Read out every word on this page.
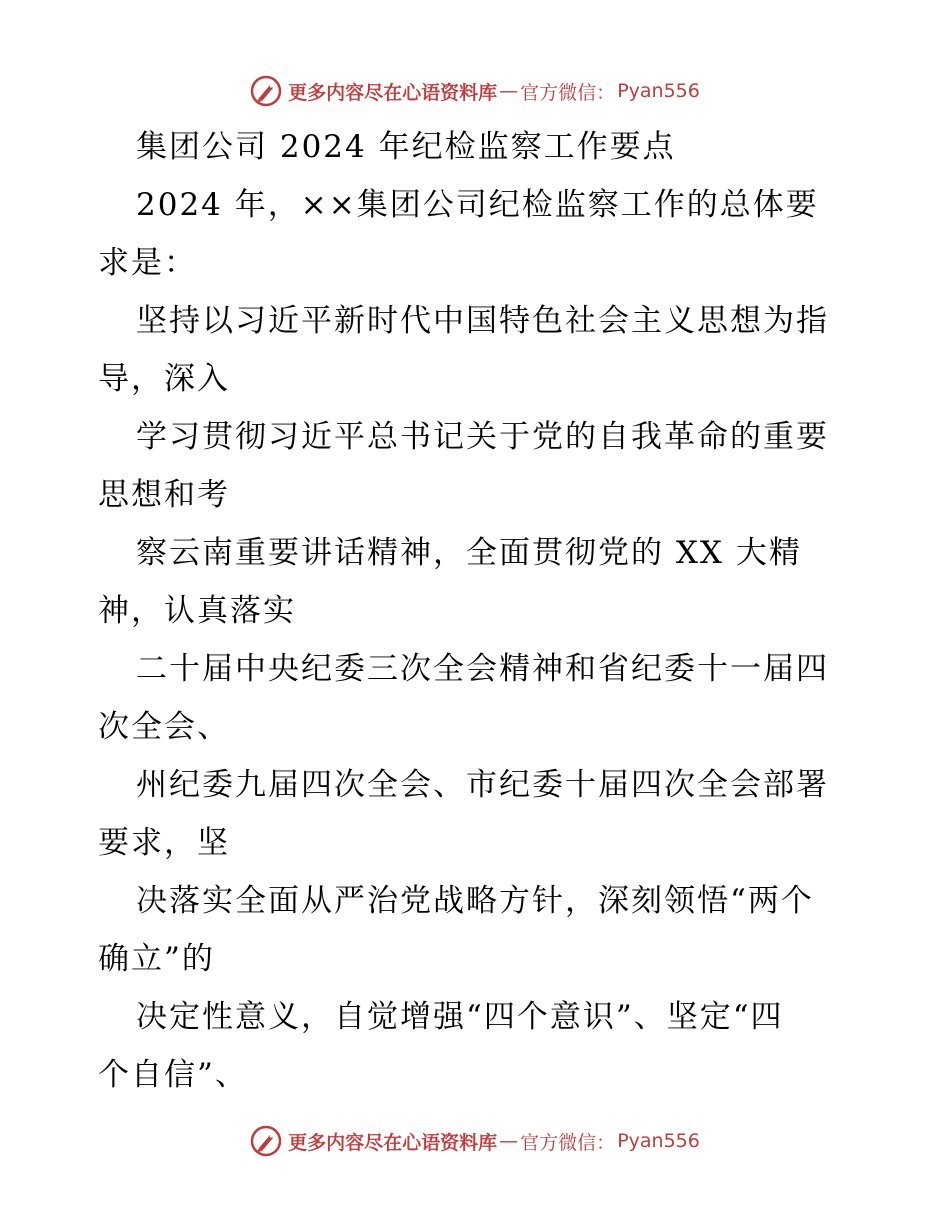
更多内容尽在心语资料库 — 官方微信： Pyan556
集团公司 2024 年纪检监察工作要点
2024 年，××集团公司纪检监察工作的总体要
求是：
坚持以习近平新时代中国特色社会主义思想为指
导，深入
学习贯彻习近平总书记关于党的自我革命的重要
思想和考
察云南重要讲话精神，全面贯彻党的 XX 大精
神，认真落实
二十届中央纪委三次全会精神和省纪委十一届四
次全会、
州纪委九届四次全会、市纪委十届四次全会部署
要求，坚
决落实全面从严治党战略方针，深刻领悟“两个
确立”的
决定性意义，自觉增强“四个意识”、坚定“四
个自信”、
更多内容尽在心语资料库 — 官方微信： Pyan556
